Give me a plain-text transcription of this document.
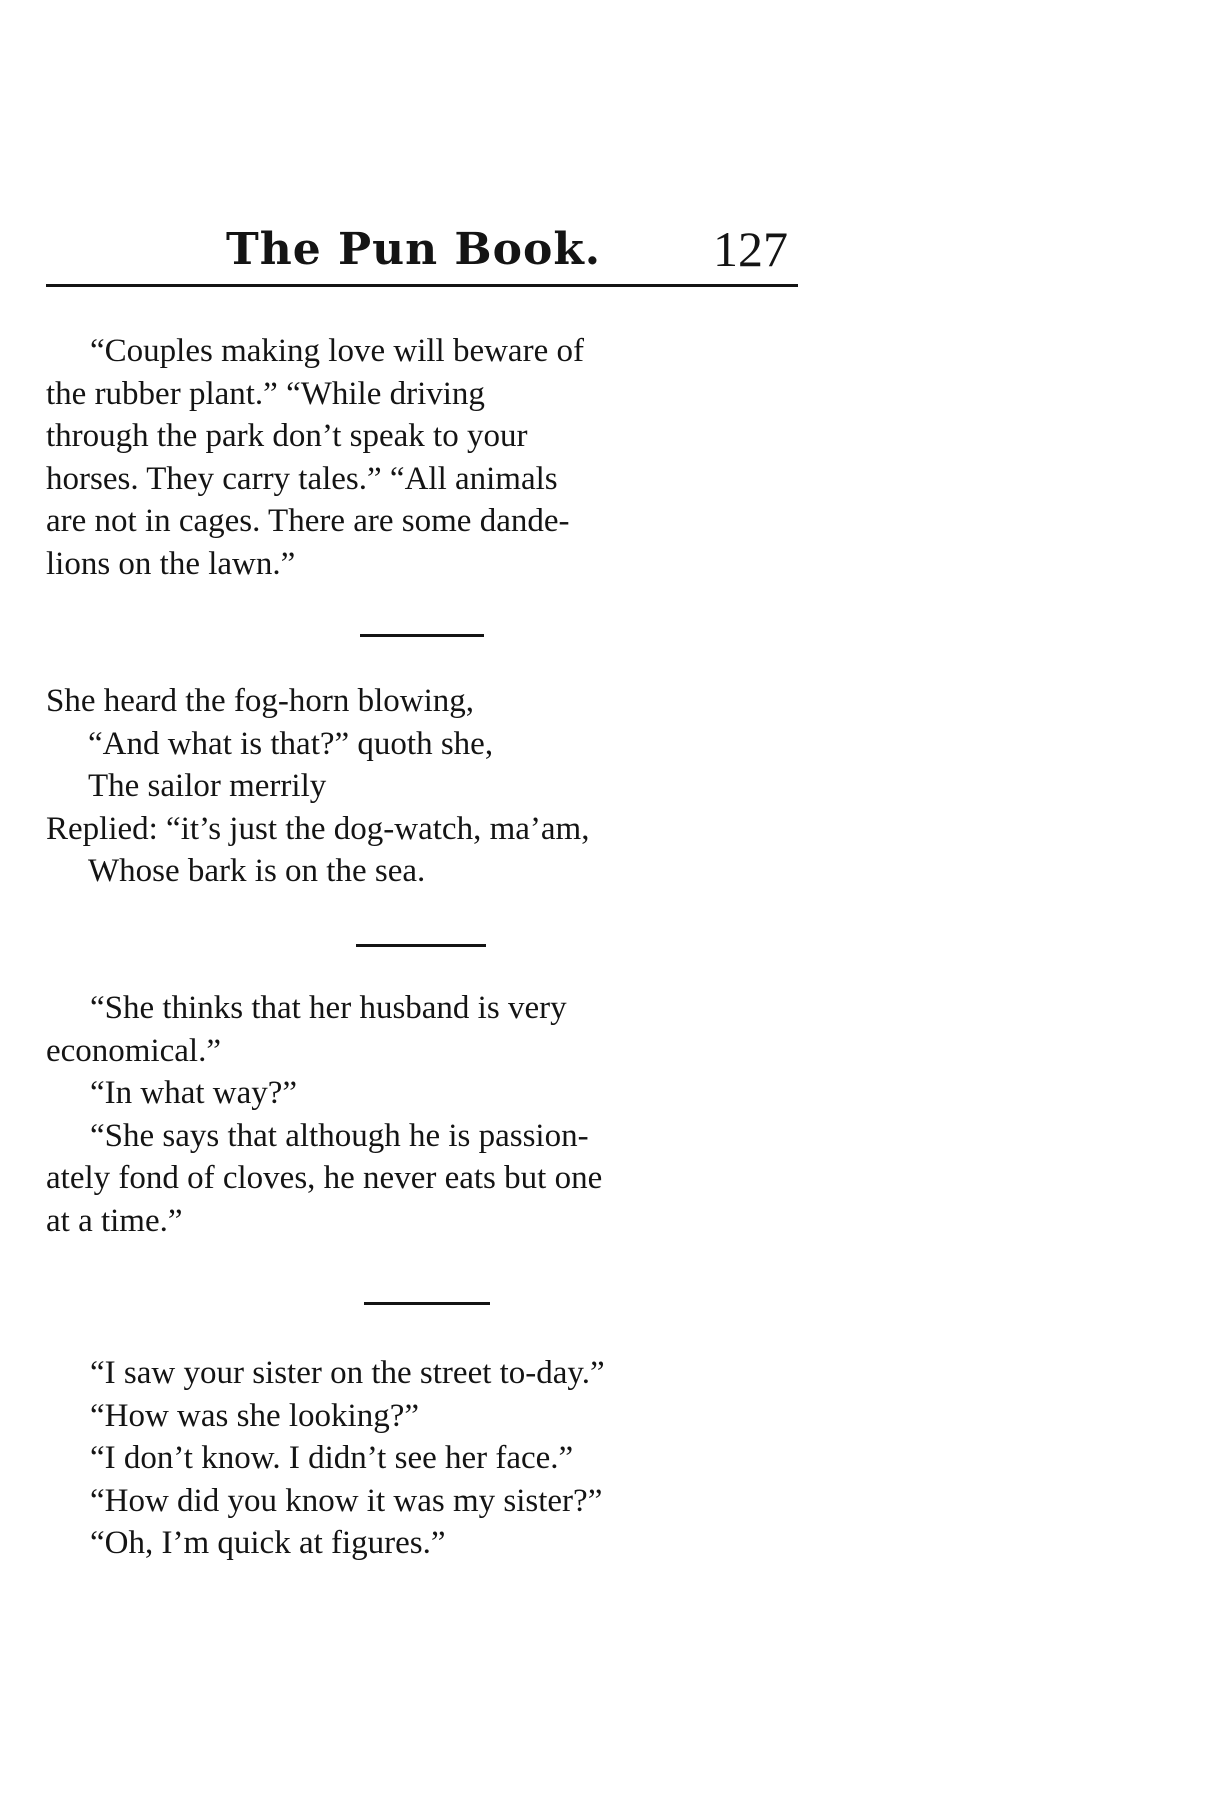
The Pun Book. 127
“Couples making love will beware of
the rubber plant.” “While driving
through the park don’t speak to your
horses. They carry tales.” “All animals
are not in cages. There are some dande-
lions on the lawn.”
She heard the fog-horn blowing,
“And what is that?” quoth she,
The sailor merrily
Replied: “it’s just the dog-watch, ma’am,
Whose bark is on the sea.
“She thinks that her husband is very
economical.”
“In what way?”
“She says that although he is passion-
ately fond of cloves, he never eats but one
at a time.”
“I saw your sister on the street to-day.”
“How was she looking?”
“I don’t know. I didn’t see her face.”
“How did you know it was my sister?”
“Oh, I’m quick at figures.”
